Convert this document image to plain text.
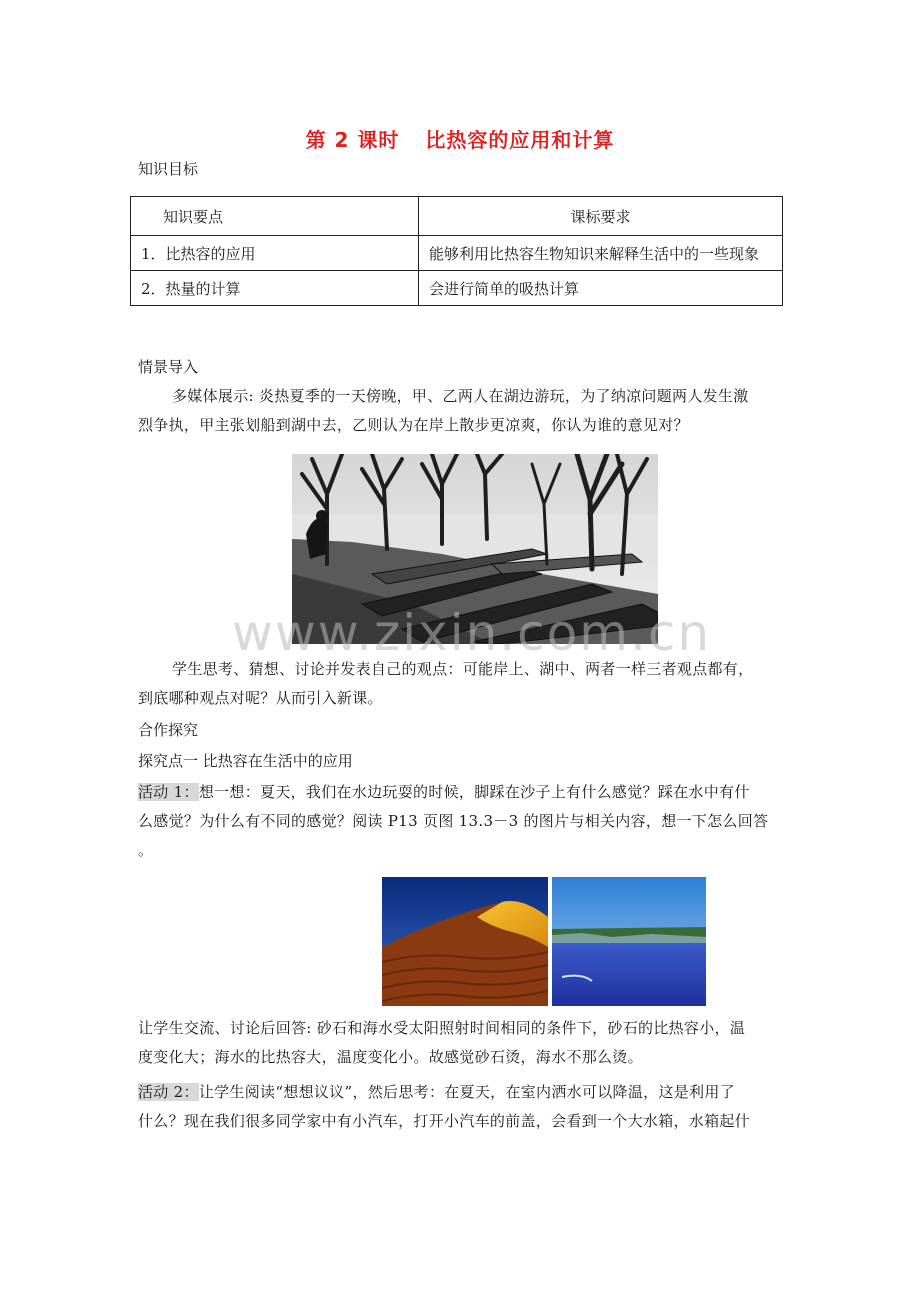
第 2 课时 比热容的应用和计算
知识目标
知识要点	课标要求
1．比热容的应用	能够利用比热容生物知识来解释生活中的一些现象
2．热量的计算	会进行简单的吸热计算
情景导入
多媒体展示: 炎热夏季的一天傍晚，甲、乙两人在湖边游玩，为了纳凉问题两人发生激
烈争执，甲主张划船到湖中去，乙则认为在岸上散步更凉爽，你认为谁的意见对？
www.zixin.com.cn
学生思考、猜想、讨论并发表自己的观点：可能岸上、湖中、两者一样三者观点都有，
到底哪种观点对呢？从而引入新课。
合作探究
探究点一 比热容在生活中的应用
活动 1：想一想：夏天，我们在水边玩耍的时候，脚踩在沙子上有什么感觉？踩在水中有什
么感觉？为什么有不同的感觉？阅读 P13 页图 13.3－3 的图片与相关内容，想一下怎么回答
。
让学生交流、讨论后回答: 砂石和海水受太阳照射时间相同的条件下，砂石的比热容小，温
度变化大；海水的比热容大，温度变化小。故感觉砂石烫，海水不那么烫。
活动 2：让学生阅读“想想议议”，然后思考：在夏天，在室内洒水可以降温，这是利用了
什么？现在我们很多同学家中有小汽车，打开小汽车的前盖，会看到一个大水箱，水箱起什
